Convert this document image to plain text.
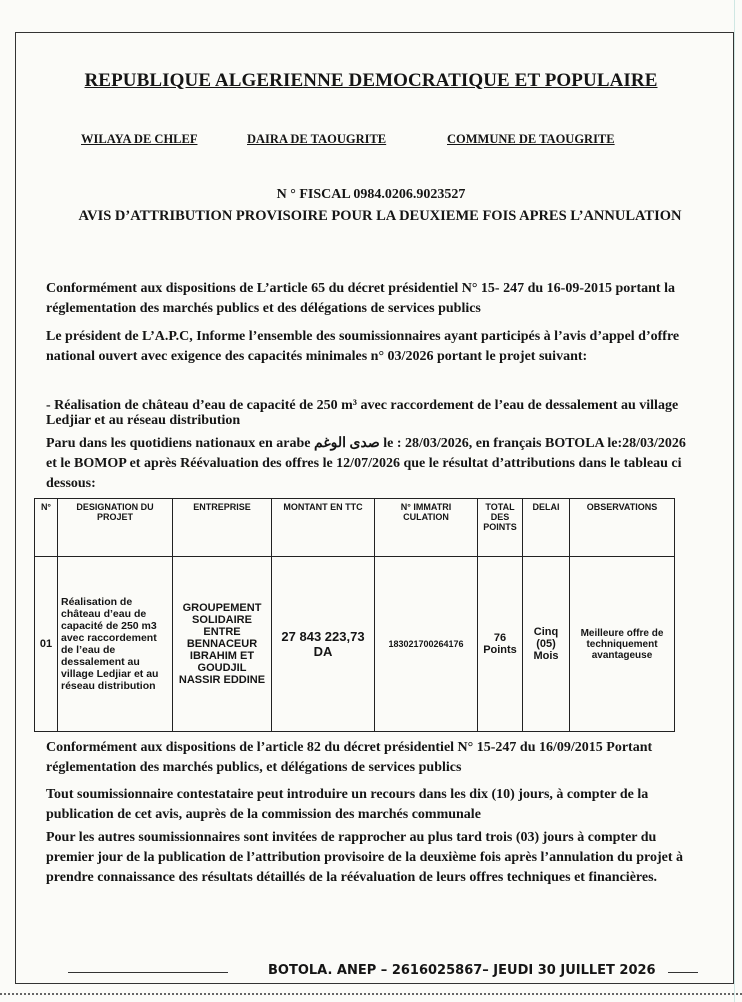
REPUBLIQUE ALGERIENNE DEMOCRATIQUE ET POPULAIRE
WILAYA DE CHLEF	DAIRA DE TAOUGRITE	COMMUNE DE TAOUGRITE
N ° FISCAL 0984.0206.9023527
AVIS D’ATTRIBUTION PROVISOIRE POUR LA DEUXIEME FOIS APRES L’ANNULATION
Conformément aux dispositions de L’article 65 du décret présidentiel N° 15- 247 du 16-09-2015 portant la réglementation des marchés publics et des délégations de services publics
Le président de L’A.P.C, Informe l’ensemble des soumissionnaires ayant participés à l’avis d’appel d’offre national ouvert avec exigence des capacités minimales n° 03/2026 portant le projet suivant:
- Réalisation de château d’eau de capacité de 250 m³ avec raccordement de l’eau de dessalement au village Ledjiar et au réseau distribution
Paru dans les quotidiens nationaux en arabe صدى الوغم le : 28/03/2026, en français BOTOLA le:28/03/2026 et le BOMOP et après Réévaluation des offres le 12/07/2026 que le résultat d’attributions dans le tableau ci dessous:
N°	DESIGNATION DU PROJET	ENTREPRISE	MONTANT EN TTC	N° IMMATRI CULATION	TOTAL DES POINTS	DELAI	OBSERVATIONS
01	Réalisation de château d’eau de capacité de 250 m3 avec raccordement de l’eau de dessalement au village Ledjiar et au réseau distribution	GROUPEMENT SOLIDAIRE ENTRE BENNACEUR IBRAHIM ET GOUDJIL NASSIR EDDINE	27 843 223,73 DA	183021700264176	76 Points	Cinq (05) Mois	Meilleure offre de techniquement avantageuse
Conformément aux dispositions de l’article 82 du décret présidentiel N° 15-247 du 16/09/2015 Portant réglementation des marchés publics, et délégations de services publics
Tout soumissionnaire contestataire peut introduire un recours dans les dix (10) jours, à compter de la publication de cet avis, auprès de la commission des marchés communale
Pour les autres soumissionnaires sont invitées de rapprocher au plus tard trois (03) jours à compter du premier jour de la publication de l’attribution provisoire de la deuxième fois après l’annulation du projet à prendre connaissance des résultats détaillés de la réévaluation de leurs offres techniques et financières.
BOTOLA. ANEP – 2616025867– JEUDI 30 JUILLET 2026
